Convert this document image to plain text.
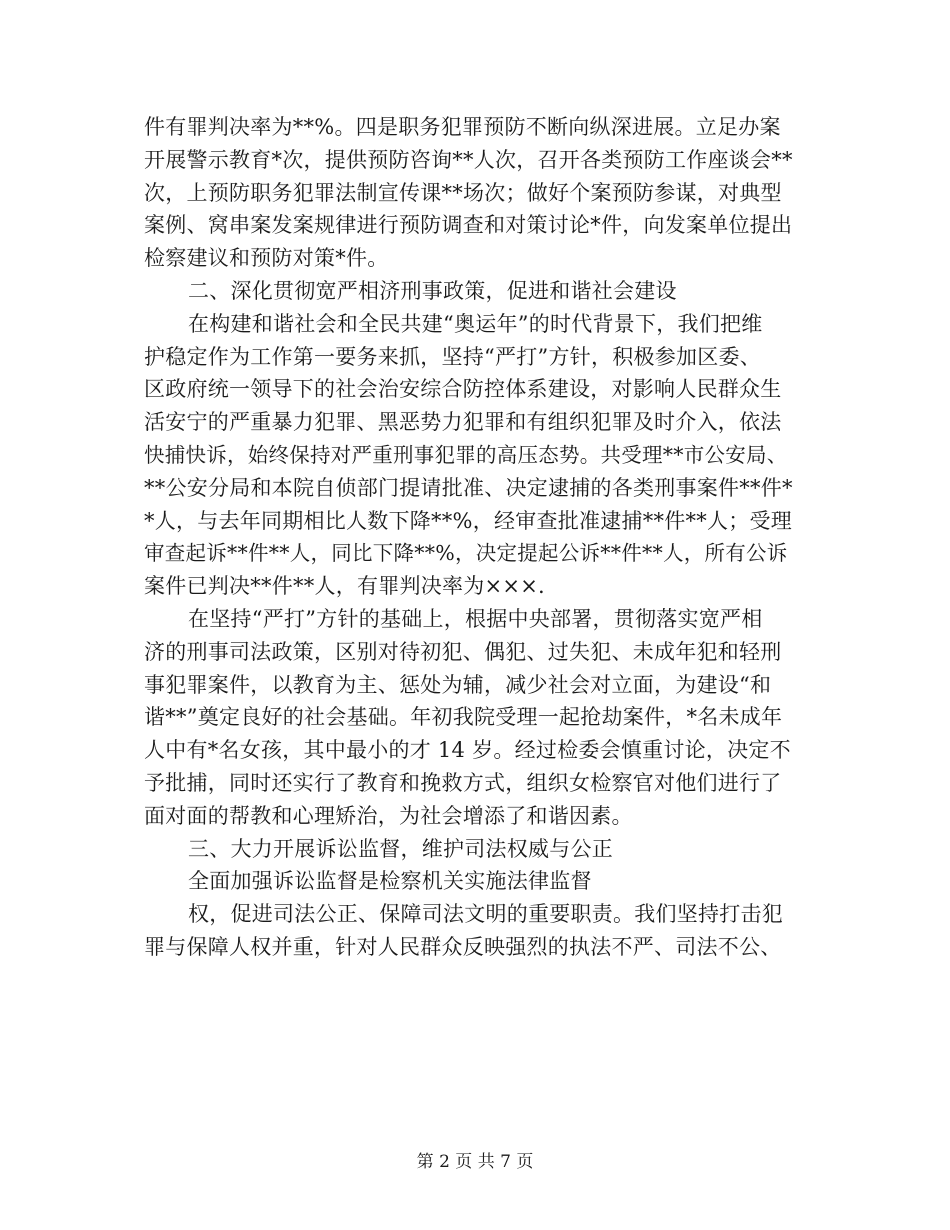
件有罪判决率为**%。四是职务犯罪预防不断向纵深进展。立足办案
开展警示教育*次，提供预防咨询**人次，召开各类预防工作座谈会**
次，上预防职务犯罪法制宣传课**场次；做好个案预防参谋，对典型
案例、窝串案发案规律进行预防调查和对策讨论*件，向发案单位提出
检察建议和预防对策*件。
二、深化贯彻宽严相济刑事政策，促进和谐社会建设
在构建和谐社会和全民共建“奥运年”的时代背景下，我们把维
护稳定作为工作第一要务来抓，坚持“严打”方针，积极参加区委、
区政府统一领导下的社会治安综合防控体系建设，对影响人民群众生
活安宁的严重暴力犯罪、黑恶势力犯罪和有组织犯罪及时介入，依法
快捕快诉，始终保持对严重刑事犯罪的高压态势。共受理**市公安局、
**公安分局和本院自侦部门提请批准、决定逮捕的各类刑事案件**件*
*人，与去年同期相比人数下降**%，经审查批准逮捕**件**人；受理
审查起诉**件**人，同比下降**%，决定提起公诉**件**人，所有公诉
案件已判决**件**人，有罪判决率为×××.
在坚持“严打”方针的基础上，根据中央部署，贯彻落实宽严相
济的刑事司法政策，区别对待初犯、偶犯、过失犯、未成年犯和轻刑
事犯罪案件，以教育为主、惩处为辅，减少社会对立面，为建设“和
谐**”奠定良好的社会基础。年初我院受理一起抢劫案件，*名未成年
人中有*名女孩，其中最小的才 14 岁。经过检委会慎重讨论，决定不
予批捕，同时还实行了教育和挽救方式，组织女检察官对他们进行了
面对面的帮教和心理矫治，为社会增添了和谐因素。
三、大力开展诉讼监督，维护司法权威与公正
全面加强诉讼监督是检察机关实施法律监督
权，促进司法公正、保障司法文明的重要职责。我们坚持打击犯
罪与保障人权并重，针对人民群众反映强烈的执法不严、司法不公、
第 2 页 共 7 页
